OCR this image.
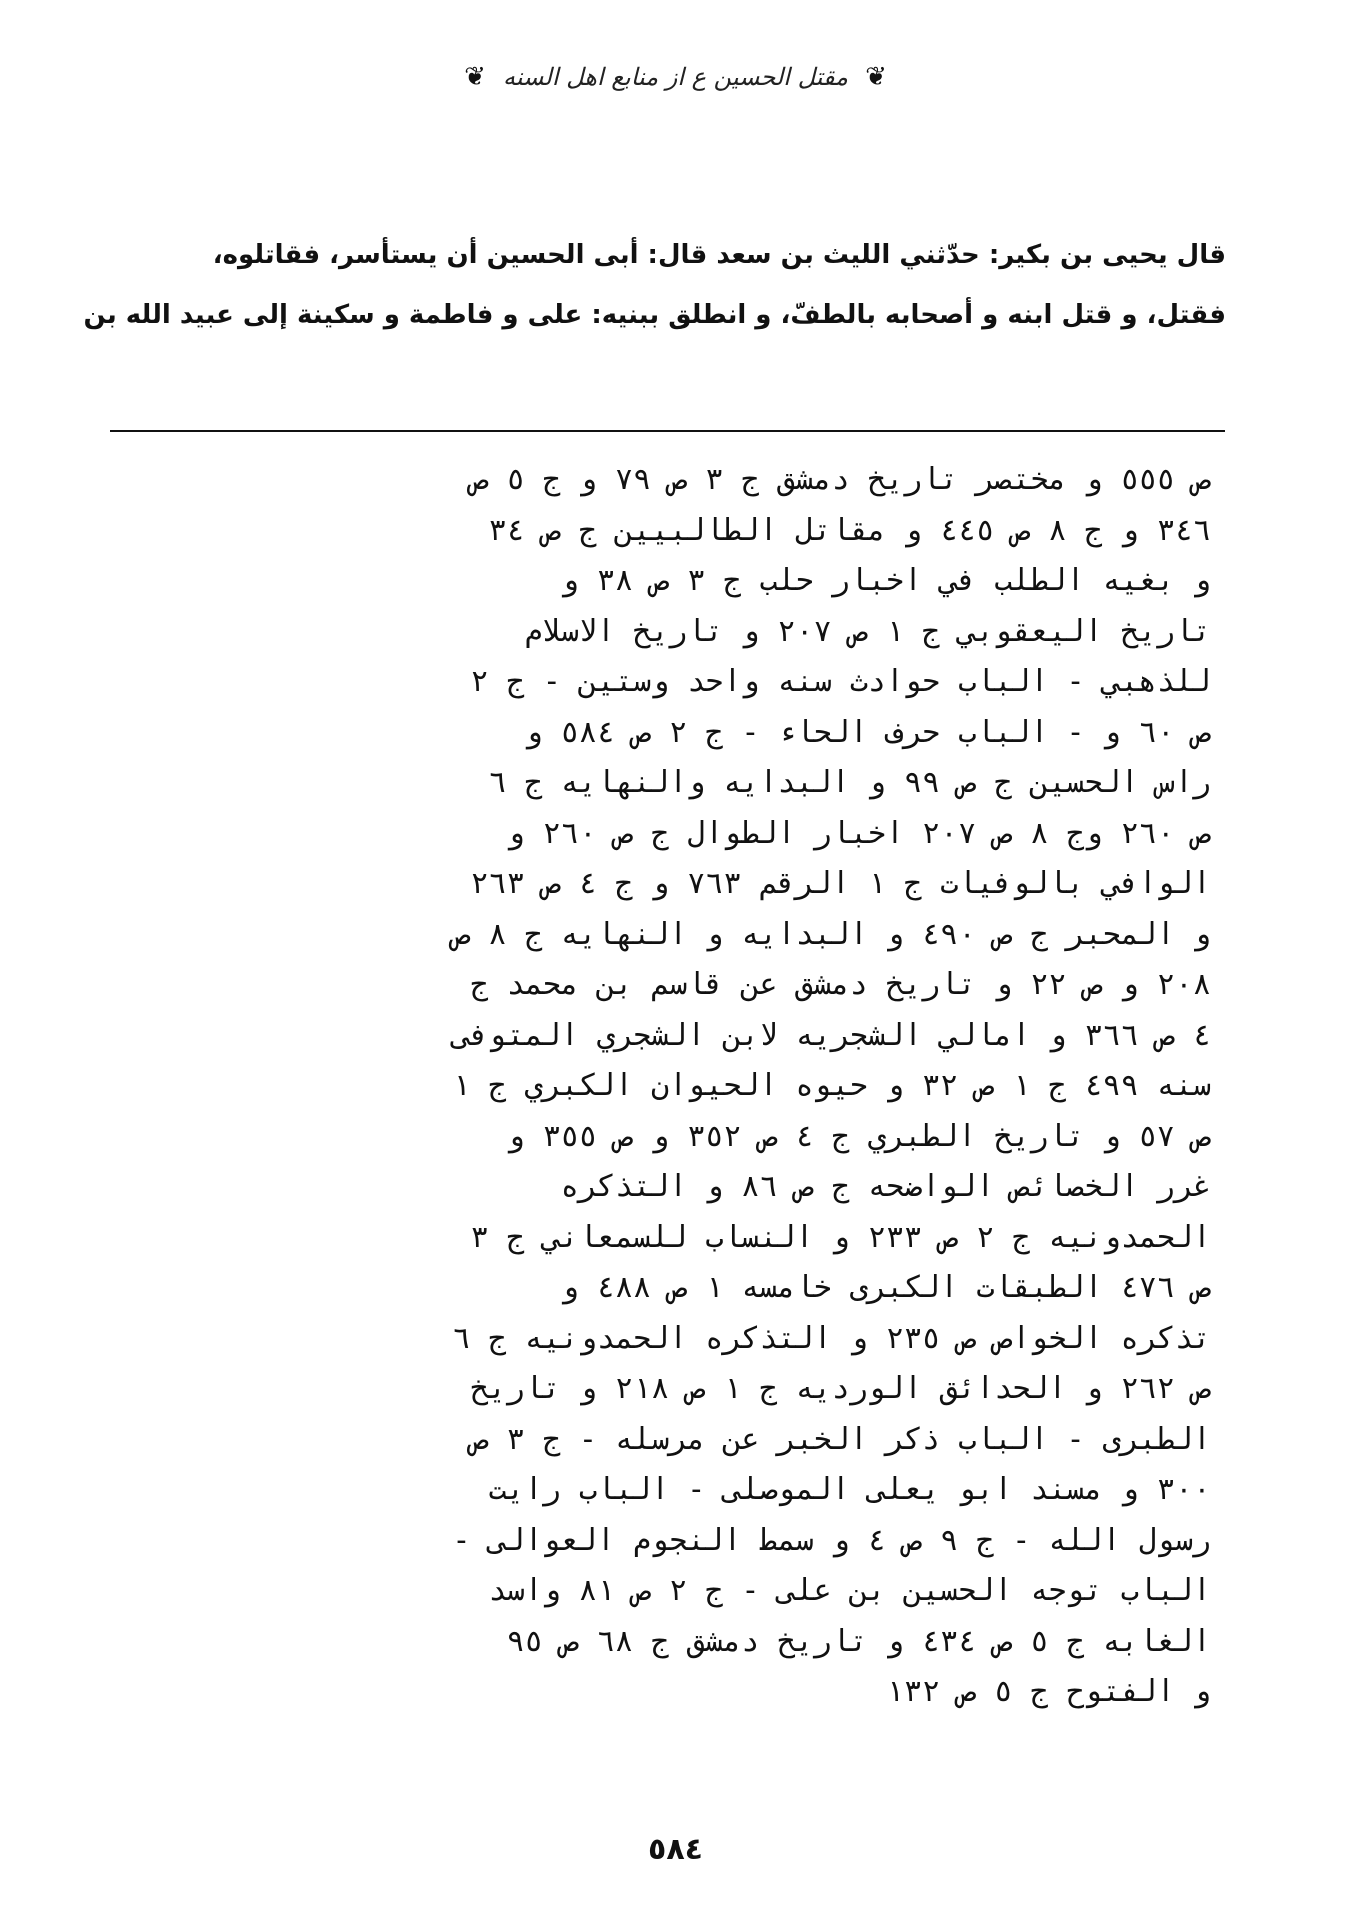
❦
مقتل الحسين ع از منابع اهل السنه
❦
قال يحيى بن بكير: حدّثني الليث بن سعد قال: أبى الحسين أن يستأسر، فقاتلوه،
فقتل، و قتل ابنه و أصحابه بالطفّ، و انطلق ببنيه: على و فاطمة و سكينة إلى عبيد الله بن
ص ٥٥٥ و مختصر تاريخ دمشق ج ٣ ص ٧٩ و ج ٥ ص
٣٤٦ و ج ٨ ص ٤٤٥ و مقاتل الطالبيين ج ص ٣٤
و بغيه الطلب في اخبار حلب ج ٣ ص ٣٨ و
تاريخ اليعقوبي ج ١ ص ٢٠٧ و تاريخ الاسلام
للذهبي - الباب حوادث سنه واحد وستين - ج ٢
ص ٦٠ و - الباب حرف الحاء - ج ٢ ص ٥٨٤ و
راس الحسين ج ص ٩٩ و البدايه والنهايه ج ٦
ص ٢٦٠ وج ٨ ص ٢٠٧ اخبار الطوال ج ص ٢٦٠ و
الوافي بالوفيات ج ١ الرقم ٧٦٣ و ج ٤ ص ٢٦٣
و المحبر ج ص ٤٩٠ و البدايه و النهايه ج ٨ ص
٢٠٨ و ص ٢٢ و تاريخ دمشق عن قاسم بن محمد ج
٤ ص ٣٦٦ و امالي الشجريه لابن الشجري المتوفى
سنه ٤٩٩ ج ١ ص ٣٢ و حيوه الحيوان الكبري ج ١
ص ٥٧ و تاريخ الطبري ج ٤ ص ٣٥٢ و ص ٣٥٥ و
غرر الخصائص الواضحه ج ص ٨٦ و التذكره
الحمدونيه ج ٢ ص ٢٣٣ و النساب للسمعاني ج ٣
ص ٤٧٦ الطبقات الكبرى خامسه ١ ص ٤٨٨ و
تذكره الخواص ص ٢٣٥ و التذكره الحمدونيه ج ٦
ص ٢٦٢ و الحدائق الورديه ج ١ ص ٢١٨ و تاريخ
الطبرى - الباب ذكر الخبر عن مرسله - ج ٣ ص
٣٠٠ و مسند ابو يعلى الموصلى - الباب رايت
رسول الله - ج ٩ ص ٤ و سمط النجوم العوالى -
الباب توجه الحسين بن على - ج ٢ ص ٨١ واسد
الغابه ج ٥ ص ٤٣٤ و تاريخ دمشق ج ٦٨ ص ٩٥
و الفتوح ج ٥ ص ١٣٢
٥٨٤
